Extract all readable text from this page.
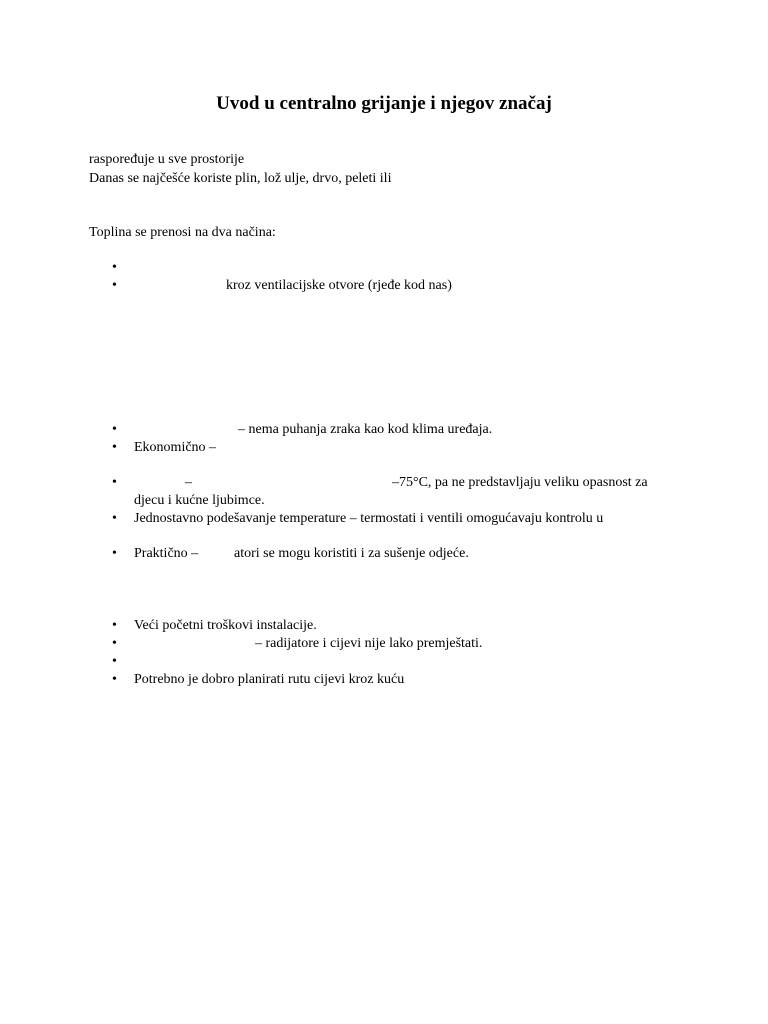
Uvod u centralno grijanje i njegov značaj
raspoređuje u sve prostorije
Danas se najčešće koriste plin, lož ulje, drvo, peleti ili
Toplina se prenosi na dva načina:
•
•	kroz ventilacijske otvore (rjeđe kod nas)
•	– nema puhanja zraka kao kod klima uređaja.
• Ekonomično –
•	–	–75°C, pa ne predstavljaju veliku opasnost za
djecu i kućne ljubimce.
• Jednostavno podešavanje temperature – termostati i ventili omogućavaju kontrolu u
• Praktično –	atori se mogu koristiti i za sušenje odjeće.
• Veći početni troškovi instalacije.
•	– radijatore i cijevi nije lako premještati.
•
• Potrebno je dobro planirati rutu cijevi kroz kuću
